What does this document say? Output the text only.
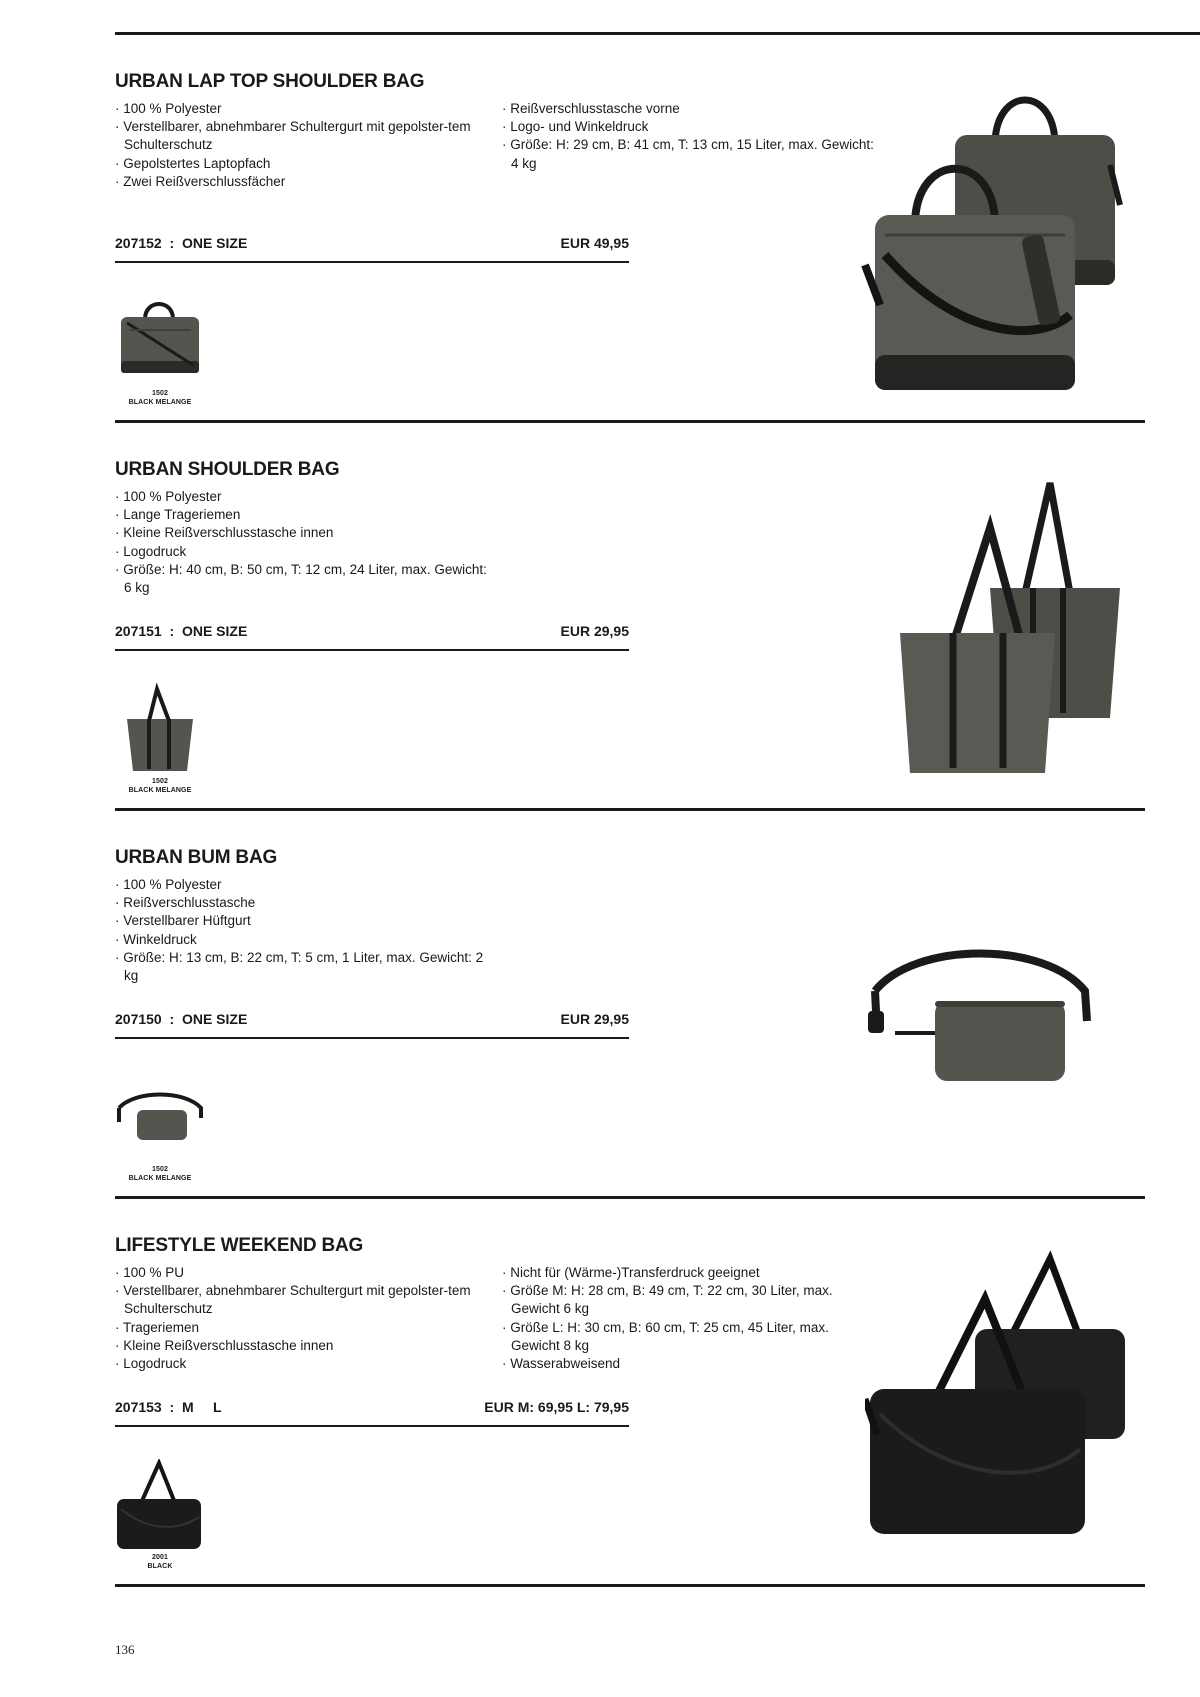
URBAN LAP TOP SHOULDER BAG
· 100 % Polyester
· Verstellbarer, abnehmbarer Schultergurt mit gepolster-tem Schulterschutz
· Gepolstertes Laptopfach
· Zwei Reißverschlussfächer
· Reißverschlusstasche vorne
· Logo- und Winkeldruck
· Größe: H: 29 cm, B: 41 cm, T: 13 cm, 15 Liter, max. Gewicht: 4 kg
207152  :  ONE SIZE	EUR 49,95
1502
BLACK MELANGE
URBAN SHOULDER BAG
· 100 % Polyester
· Lange Trageriemen
· Kleine Reißverschlusstasche innen
· Logodruck
· Größe: H: 40 cm, B: 50 cm, T: 12 cm, 24 Liter, max. Gewicht: 6 kg
207151  :  ONE SIZE	EUR 29,95
1502
BLACK MELANGE
URBAN BUM BAG
· 100 % Polyester
· Reißverschlusstasche
· Verstellbarer Hüftgurt
· Winkeldruck
· Größe: H: 13 cm, B: 22 cm, T: 5 cm, 1 Liter, max. Gewicht: 2 kg
207150  :  ONE SIZE	EUR 29,95
1502
BLACK MELANGE
LIFESTYLE WEEKEND BAG
· 100 % PU
· Verstellbarer, abnehmbarer Schultergurt mit gepolster-tem Schulterschutz
· Trageriemen
· Kleine Reißverschlusstasche innen
· Logodruck
· Nicht für (Wärme-)Transferdruck geeignet
· Größe M: H: 28 cm, B: 49 cm, T: 22 cm, 30 Liter, max. Gewicht 6 kg
· Größe L: H: 30 cm, B: 60 cm, T: 25 cm, 45 Liter, max. Gewicht 8 kg
· Wasserabweisend
207153  :  M     L	EUR M: 69,95 L: 79,95
2001
BLACK
136
